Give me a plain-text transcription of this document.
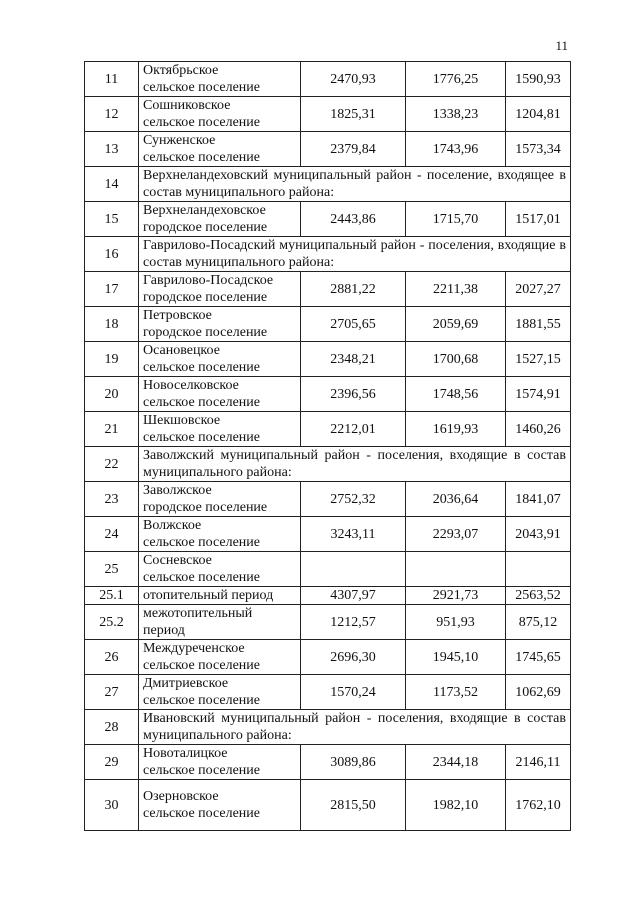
11
11	Октябрьское
сельское поселение	2470,93	1776,25	1590,93
12	Сошниковское
сельское поселение	1825,31	1338,23	1204,81
13	Сунженское
сельское поселение	2379,84	1743,96	1573,34
14	Верхнеландеховский муниципальный район - поселение, входящее в состав муниципального района:			
15	Верхнеландеховское
городское поселение	2443,86	1715,70	1517,01
16	Гаврилово-Посадский муниципальный район - поселения, входящие в состав муниципального района:			
17	Гаврилово-Посадское
городское поселение	2881,22	2211,38	2027,27
18	Петровское
городское поселение	2705,65	2059,69	1881,55
19	Осановецкое
сельское поселение	2348,21	1700,68	1527,15
20	Новоселковское
сельское поселение	2396,56	1748,56	1574,91
21	Шекшовское
сельское поселение	2212,01	1619,93	1460,26
22	Заволжский муниципальный район - поселения, входящие в состав муниципального района:			
23	Заволжское
городское поселение	2752,32	2036,64	1841,07
24	Волжское
сельское поселение	3243,11	2293,07	2043,91
25	Сосневское
сельское поселение			

25.1	отопительный период	4307,97	2921,73	2563,52
25.2	межотопительный
период	1212,57	951,93	875,12
26	Междуреченское
сельское поселение	2696,30	1945,10	1745,65
27	Дмитриевское
сельское поселение	1570,24	1173,52	1062,69
28	Ивановский муниципальный район - поселения, входящие в состав муниципального района:			
29	Новоталицкое
сельское поселение	3089,86	2344,18	2146,11
30	Озерновское
сельское поселение	2815,50	1982,10	1762,10
